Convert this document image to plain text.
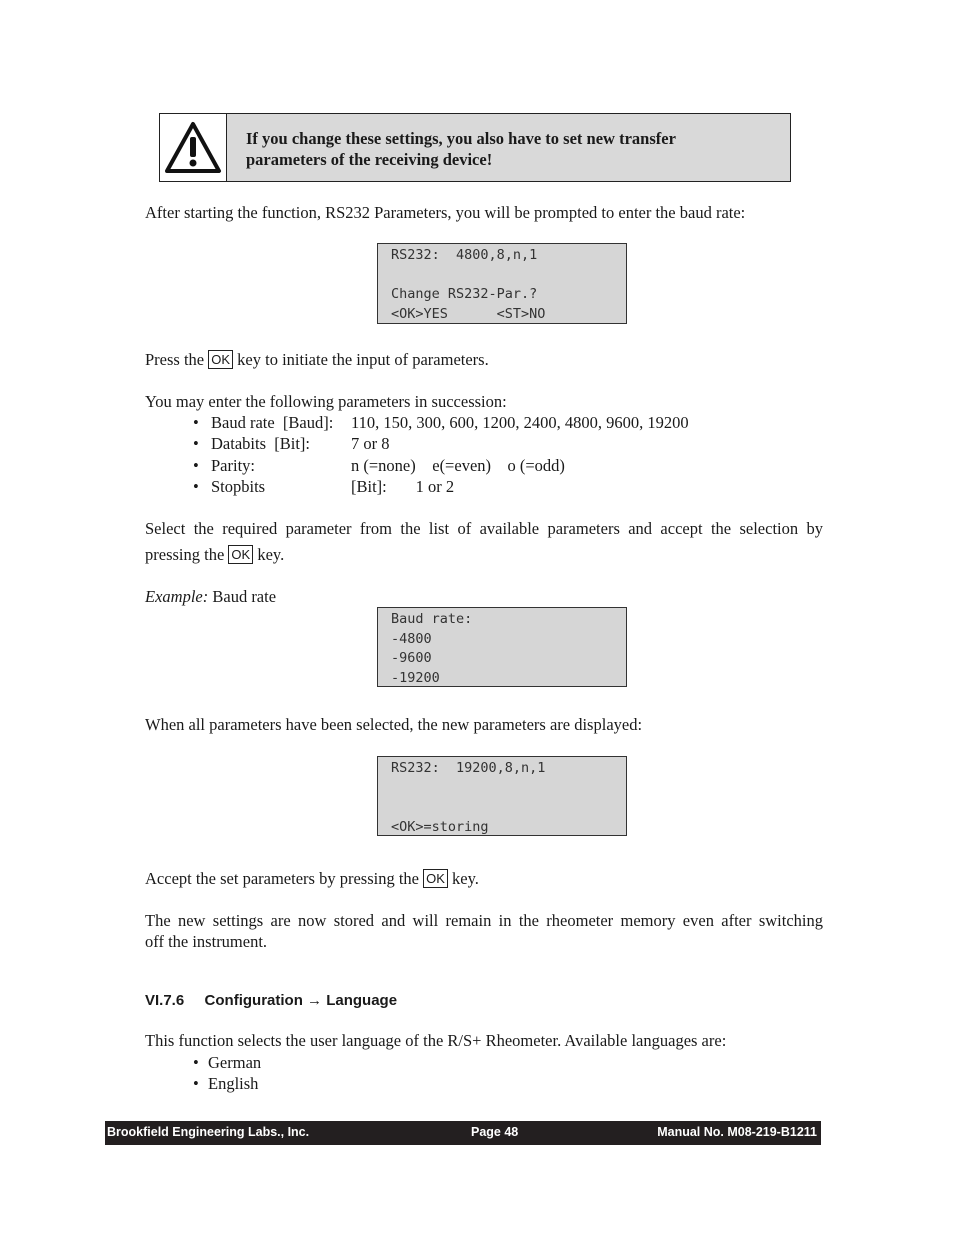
If you change these settings, you also have to set new transfer
parameters of the receiving device!

After starting the function, RS232 Parameters, you will be prompted to enter the baud rate:

RS232:  4800,8,n,1
Change RS232-Par.?
<OK>YES      <ST>NO

Press the OK key to initiate the input of parameters.

You may enter the following parameters in succession:

• Baud rate  [Baud]: 110, 150, 300, 600, 1200, 2400, 4800, 9600, 19200
• Databits  [Bit]: 7 or 8
• Parity:	n (=none)    e(=even)    o (=odd)
• Stopbits	[Bit]:       1 or 2

Select the required parameter from the list of available parameters and accept the selection by

pressing the OK key.

Example: Baud rate

Baud rate:
-4800
-9600
-19200

When all parameters have been selected, the new parameters are displayed:

RS232:  19200,8,n,1
<OK>=storing

Accept the set parameters by pressing the OK key.

The new settings are now stored and will remain in the rheometer memory even after switching

off the instrument.

VI.7.6 Configuration → Language

This function selects the user language of the R/S+ Rheometer. Available languages are:

• German
• English
Brookfield Engineering Labs., Inc.	Page 48	Manual No. M08-219-B1211
